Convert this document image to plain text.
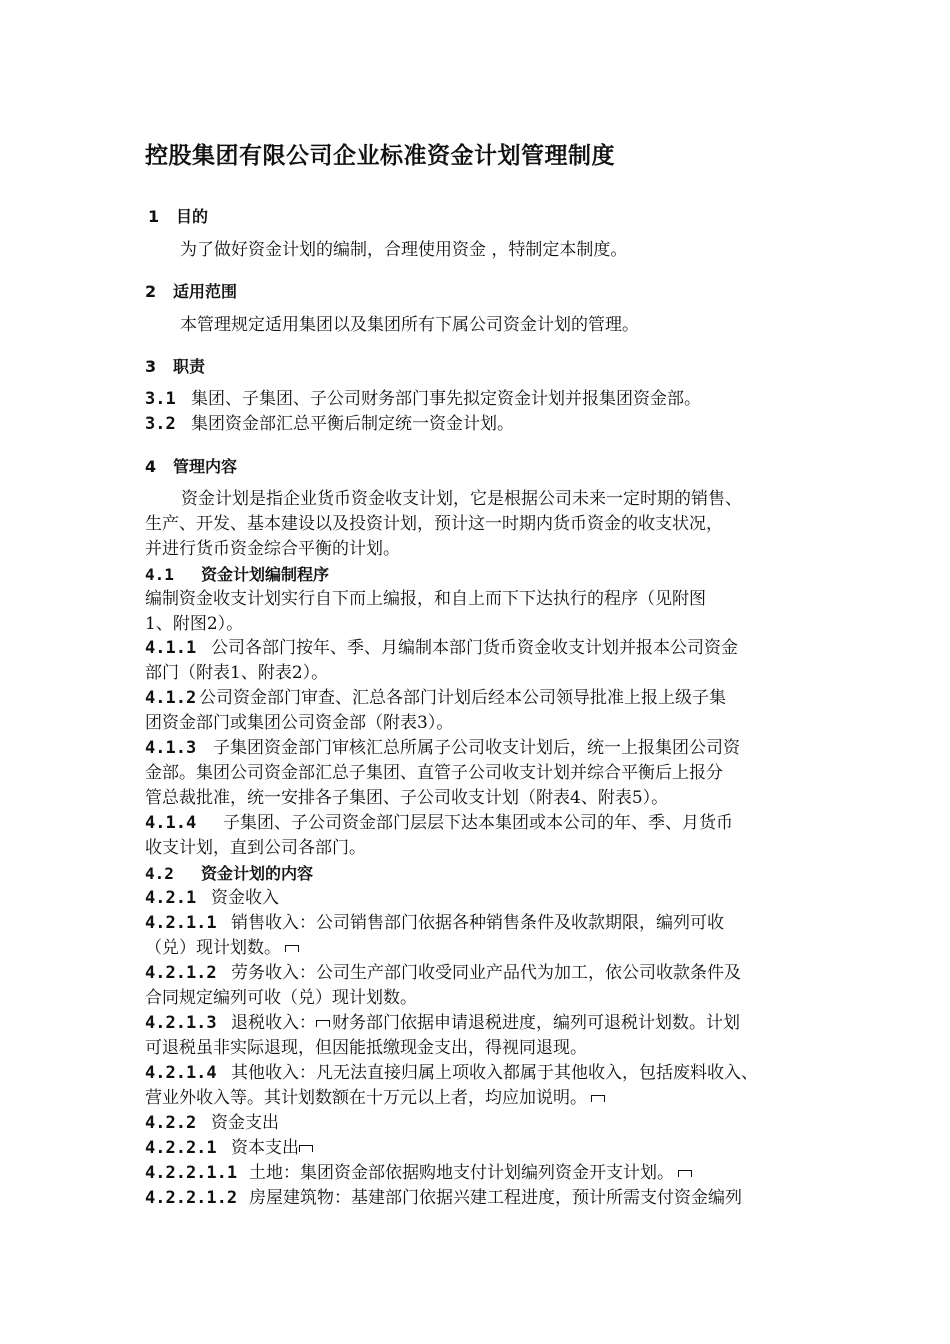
控股集团有限公司企业标准资金计划管理制度
1 目的
为了做好资金计划的编制，合理使用资金 ，特制定本制度。
2 适用范围
本管理规定适用集团以及集团所有下属公司资金计划的管理。
3 职责
3.1 集团、子集团、子公司财务部门事先拟定资金计划并报集团资金部。
3.2 集团资金部汇总平衡后制定统一资金计划。
4 管理内容
资金计划是指企业货币资金收支计划，它是根据公司未来一定时期的销售、
生产、开发、基本建设以及投资计划，预计这一时期内货币资金的收支状况，
并进行货币资金综合平衡的计划。
4.1 资金计划编制程序
编制资金收支计划实行自下而上编报，和自上而下下达执行的程序（见附图
1、附图2）。
4.1.1 公司各部门按年、季、月编制本部门货币资金收支计划并报本公司资金
部门（附表1、附表2）。
4.1.2 公司资金部门审查、汇总各部门计划后经本公司领导批准上报上级子集
团资金部门或集团公司资金部（附表3）。
4.1.3 子集团资金部门审核汇总所属子公司收支计划后，统一上报集团公司资
金部。集团公司资金部汇总子集团、直管子公司收支计划并综合平衡后上报分
管总裁批准，统一安排各子集团、子公司收支计划（附表4、附表5）。
4.1.4 子集团、子公司资金部门层层下达本集团或本公司的年、季、月货币
收支计划，直到公司各部门。
4.2 资金计划的内容
4.2.1 资金收入
4.2.1.1 销售收入：公司销售部门依据各种销售条件及收款期限，编列可收
（兑）现计划数。
4.2.1.2 劳务收入：公司生产部门收受同业产品代为加工，依公司收款条件及
合同规定编列可收（兑）现计划数。
4.2.1.3 退税收入： 财务部门依据申请退税进度，编列可退税计划数。计划
可退税虽非实际退现，但因能抵缴现金支出，得视同退现。
4.2.1.4 其他收入：凡无法直接归属上项收入都属于其他收入，包括废料收入、
营业外收入等。其计划数额在十万元以上者，均应加说明。
4.2.2 资金支出
4.2.2.1 资本支出
4.2.2.1.1 土地：集团资金部依据购地支付计划编列资金开支计划。
4.2.2.1.2 房屋建筑物：基建部门依据兴建工程进度，预计所需支付资金编列
